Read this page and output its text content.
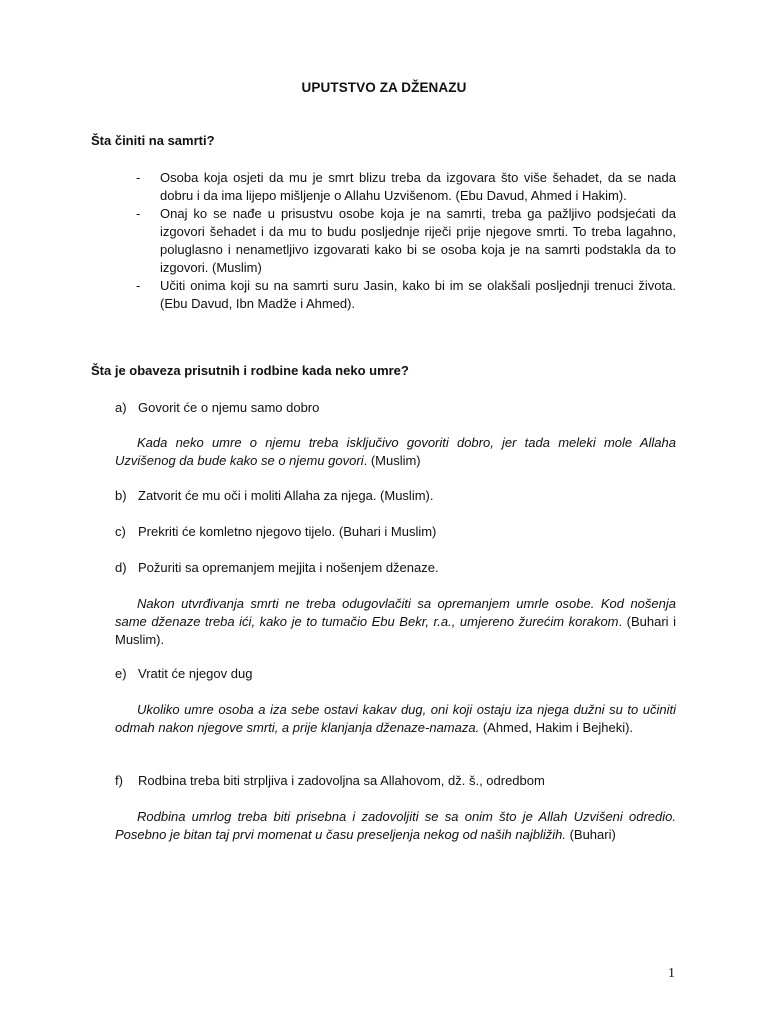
UPUTSTVO ZA DŽENAZU
Šta činiti na samrti?
- Osoba koja osjeti da mu je smrt blizu treba da izgovara što više šehadet, da se nada dobru i da ima lijepo mišljenje o Allahu Uzvišenom. (Ebu Davud, Ahmed i Hakim).
- Onaj ko se nađe u prisustvu osobe koja je na samrti, treba ga pažljivo podsjećati da izgovori šehadet i da mu to budu posljednje riječi prije njegove smrti. To treba lagahno, poluglasno i nenametljivo izgovarati kako bi se osoba koja je na samrti podstakla da to izgovori. (Muslim)
- Učiti onima koji su na samrti suru Jasin, kako bi im se olakšali posljednji trenuci života. (Ebu Davud, Ibn Madže i Ahmed).
Šta je obaveza prisutnih i rodbine kada neko umre?
a) Govorit će o njemu samo dobro
Kada neko umre o njemu treba isključivo govoriti dobro, jer tada meleki mole Allaha Uzvišenog da bude kako se o njemu govori. (Muslim)
b) Zatvorit će mu oči i moliti Allaha za njega. (Muslim).
c) Prekriti će komletno njegovo tijelo. (Buhari i Muslim)
d) Požuriti sa opremanjem mejjita i nošenjem dženaze.
Nakon utvrđivanja smrti ne treba odugovlačiti sa opremanjem umrle osobe. Kod nošenja same dženaze treba ići, kako je to tumačio Ebu Bekr, r.a., umjereno žurećim korakom. (Buhari i Muslim).
e) Vratit će njegov dug
Ukoliko umre osoba a iza sebe ostavi kakav dug, oni koji ostaju iza njega dužni su to učiniti odmah nakon njegove smrti, a prije klanjanja dženaze-namaza. (Ahmed, Hakim i Bejheki).
f) Rodbina treba biti strpljiva i zadovoljna sa Allahovom, dž. š., odredbom
Rodbina umrlog treba biti prisebna i zadovoljiti se sa onim što je Allah Uzvišeni odredio. Posebno je bitan taj prvi momenat u času preseljenja nekog od naših najbližih. (Buhari)
1
